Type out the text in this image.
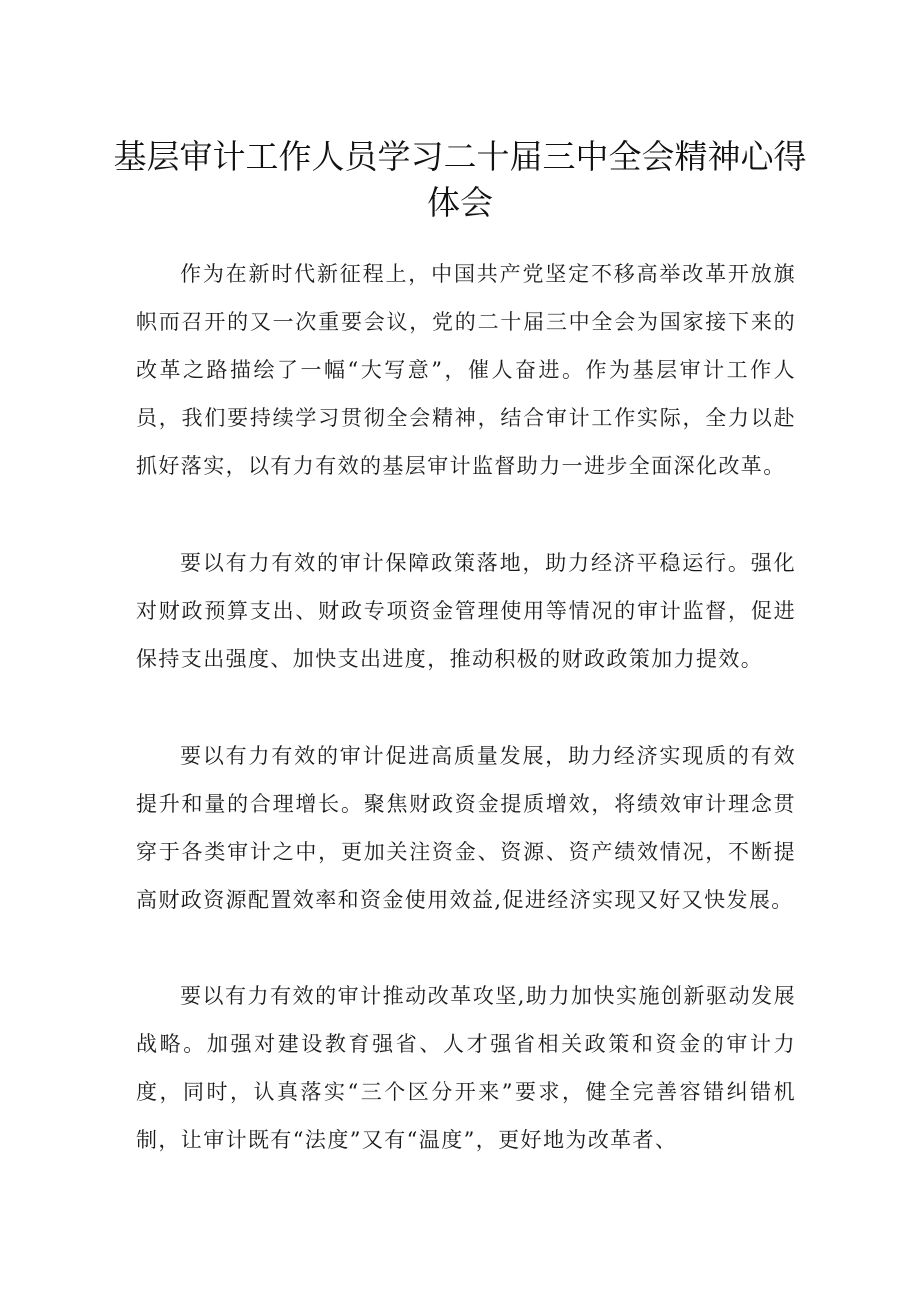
基层审计工作人员学习二十届三中全会精神心得体会

作为在新时代新征程上，中国共产党坚定不移高举改革开放旗帜而召开的又一次重要会议，党的二十届三中全会为国家接下来的改革之路描绘了一幅“大写意”，催人奋进。作为基层审计工作人员，我们要持续学习贯彻全会精神，结合审计工作实际，全力以赴抓好落实，以有力有效的基层审计监督助力一进步全面深化改革。

要以有力有效的审计保障政策落地，助力经济平稳运行。强化对财政预算支出、财政专项资金管理使用等情况的审计监督，促进保持支出强度、加快支出进度，推动积极的财政政策加力提效。

要以有力有效的审计促进高质量发展，助力经济实现质的有效提升和量的合理增长。聚焦财政资金提质增效，将绩效审计理念贯穿于各类审计之中，更加关注资金、资源、资产绩效情况，不断提高财政资源配置效率和资金使用效益,促进经济实现又好又快发展。

要以有力有效的审计推动改革攻坚,助力加快实施创新驱动发展战略。加强对建设教育强省、人才强省相关政策和资金的审计力度，同时，认真落实“三个区分开来”要求，健全完善容错纠错机制，让审计既有“法度”又有“温度”，更好地为改革者、
